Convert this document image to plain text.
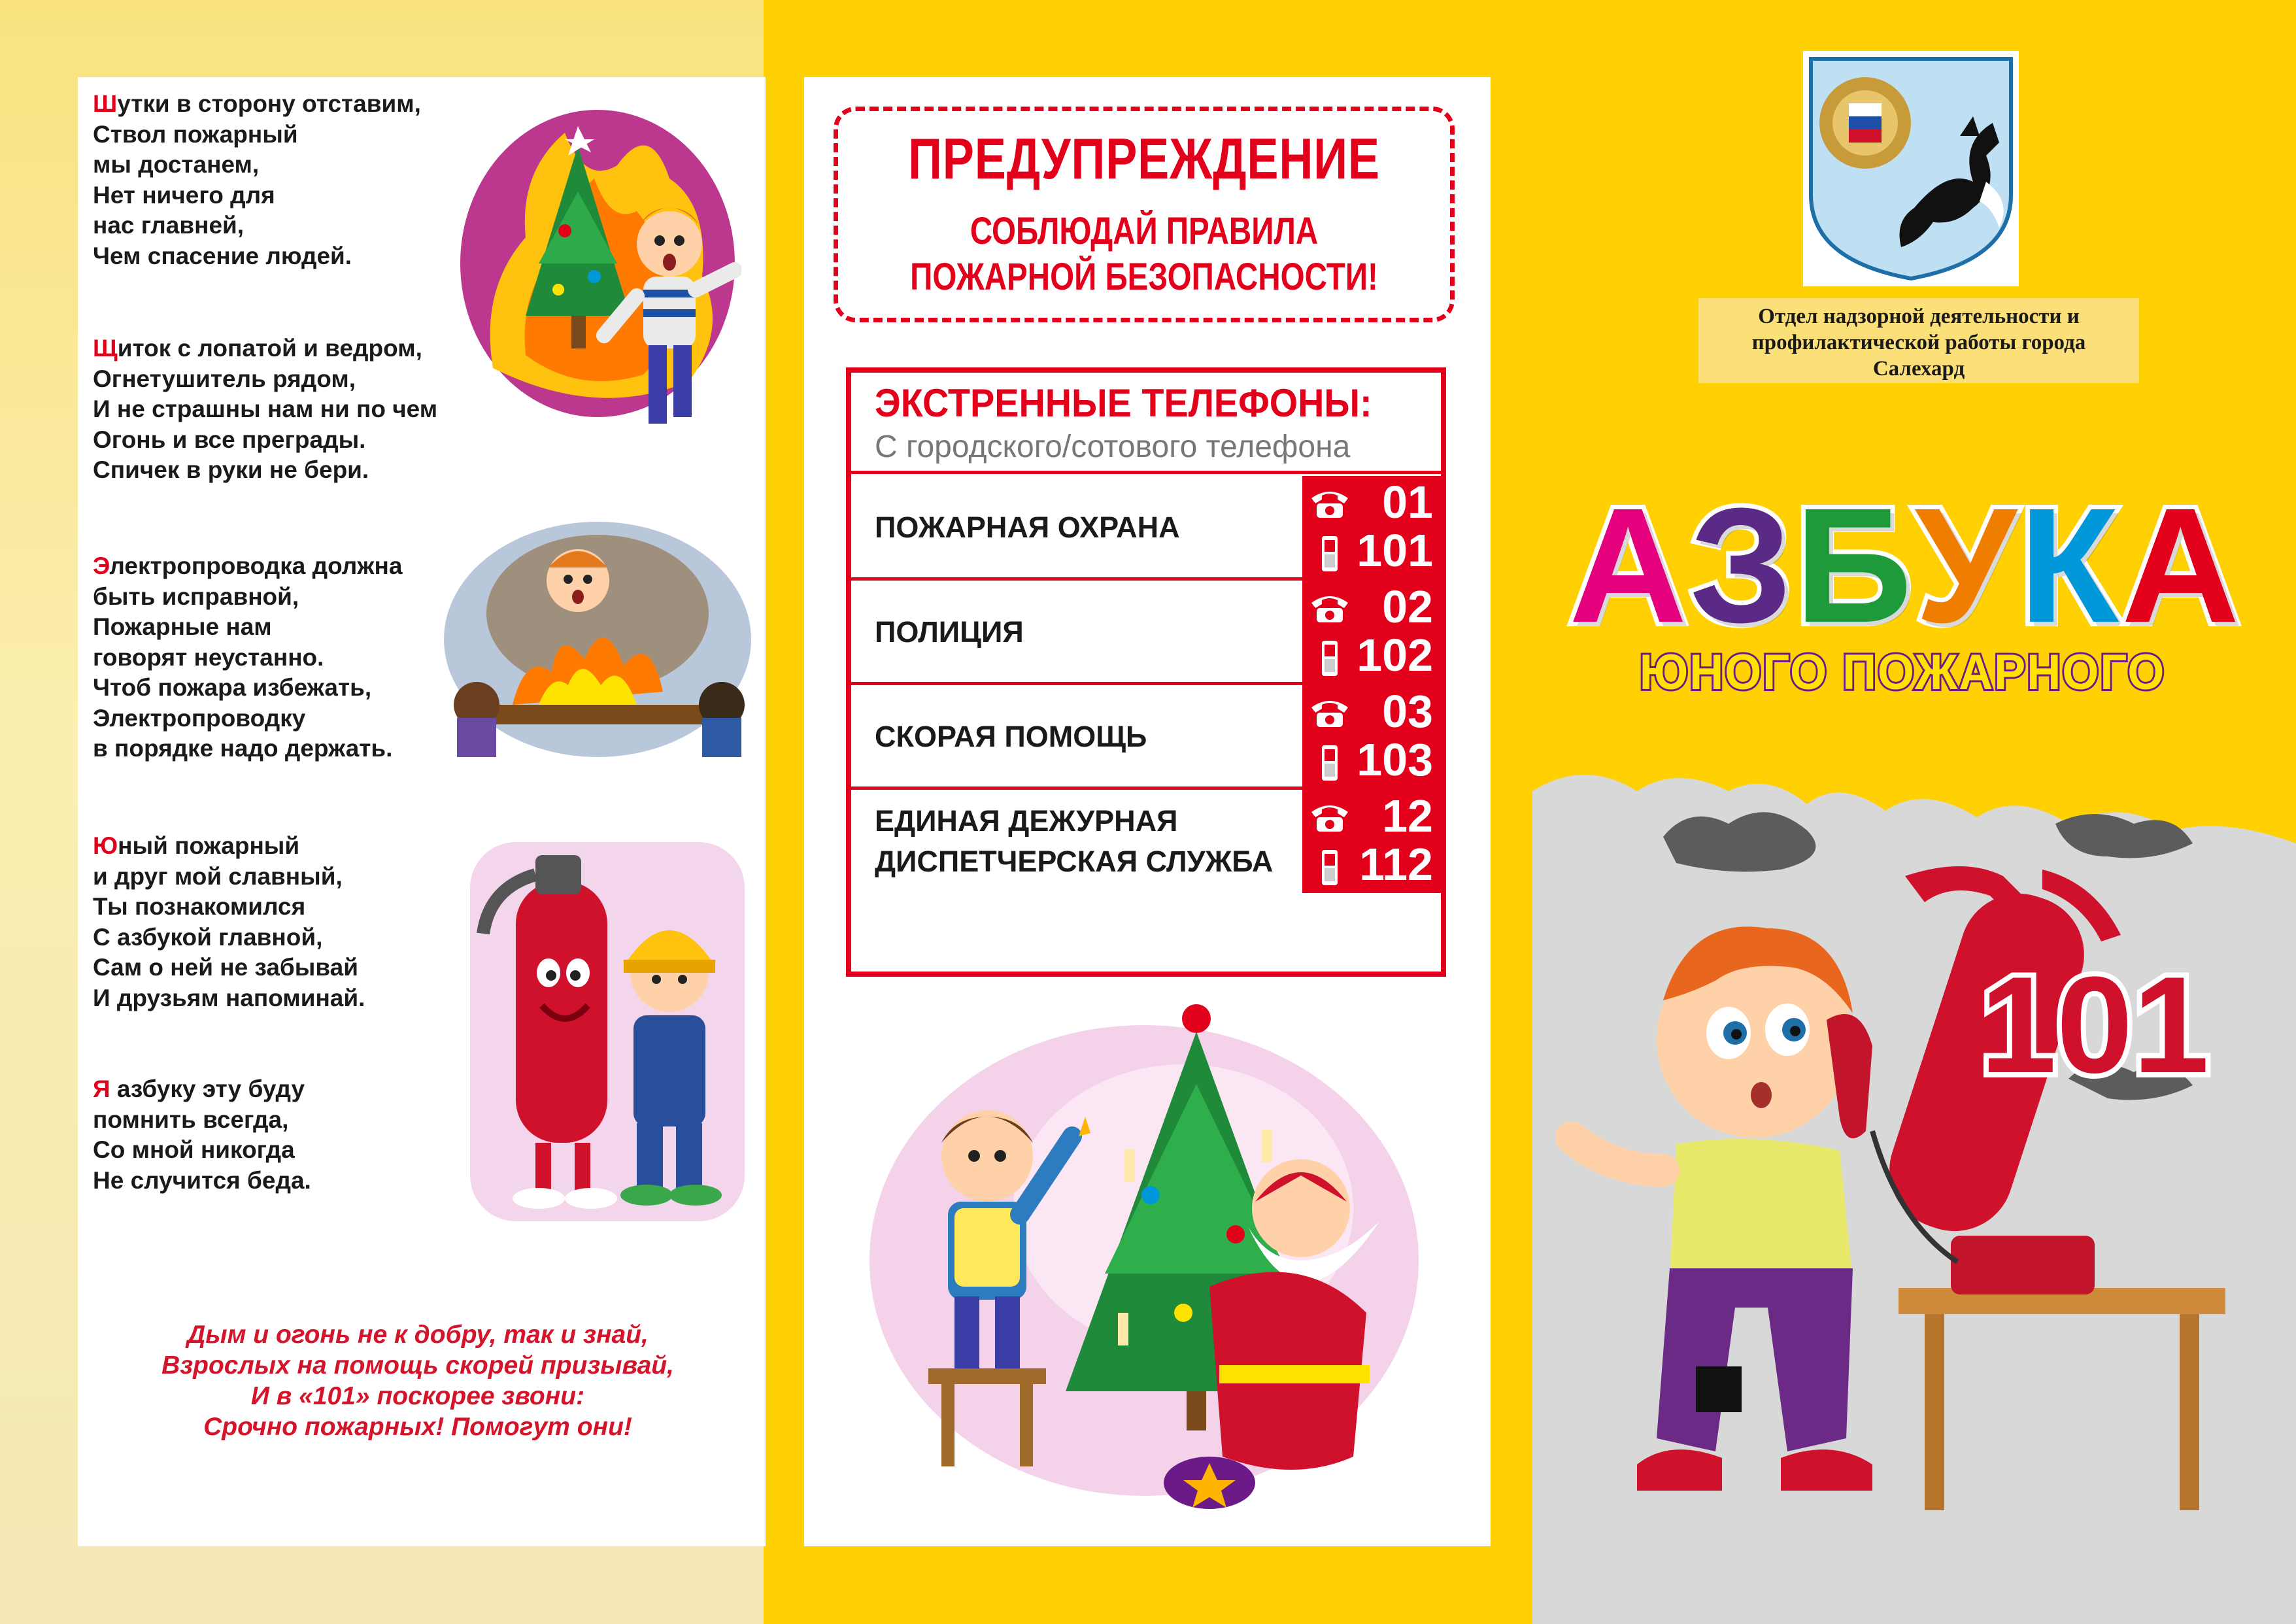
Шутки в сторону отставим,
Ствол пожарный
мы достанем,
Нет ничего для
нас главней,
Чем спасение людей.
Щиток с лопатой и ведром,
Огнетушитель рядом,
И не страшны нам ни по чем
Огонь и все преграды.
Спичек в руки не бери.
Электропроводка должна
быть исправной,
Пожарные нам
говорят неустанно.
Чтоб пожара избежать,
Электропроводку
в порядке надо держать.
Юный пожарный
и друг мой славный,
Ты познакомился
С азбукой главной,
Сам о ней не забывай
И друзьям напоминай.
Я азбуку эту буду
помнить всегда,
Со мной никогда
Не случится беда.
Дым и огонь не к добру, так и знай,
Взрослых на помощь скорей призывай,
И в «101» поскорее звони:
Срочно пожарных! Помогут они!
ПРЕДУПРЕЖДЕНИЕ
СОБЛЮДАЙ ПРАВИЛА
ПОЖАРНОЙ БЕЗОПАСНОСТИ!
ЭКСТРЕННЫЕ ТЕЛЕФОНЫ:
С городского/сотового телефона
ПОЖАРНАЯ ОХРАНА	01
101
ПОЛИЦИЯ	02
102
СКОРАЯ ПОМОЩЬ	03
103
ЕДИНАЯ ДЕЖУРНАЯ
ДИСПЕТЧЕРСКАЯ СЛУЖБА
12
112
Отдел надзорной деятельности и
профилактической работы города
Салехард
АЗБУКА
ЮНОГО ПОЖАРНОГО
101
